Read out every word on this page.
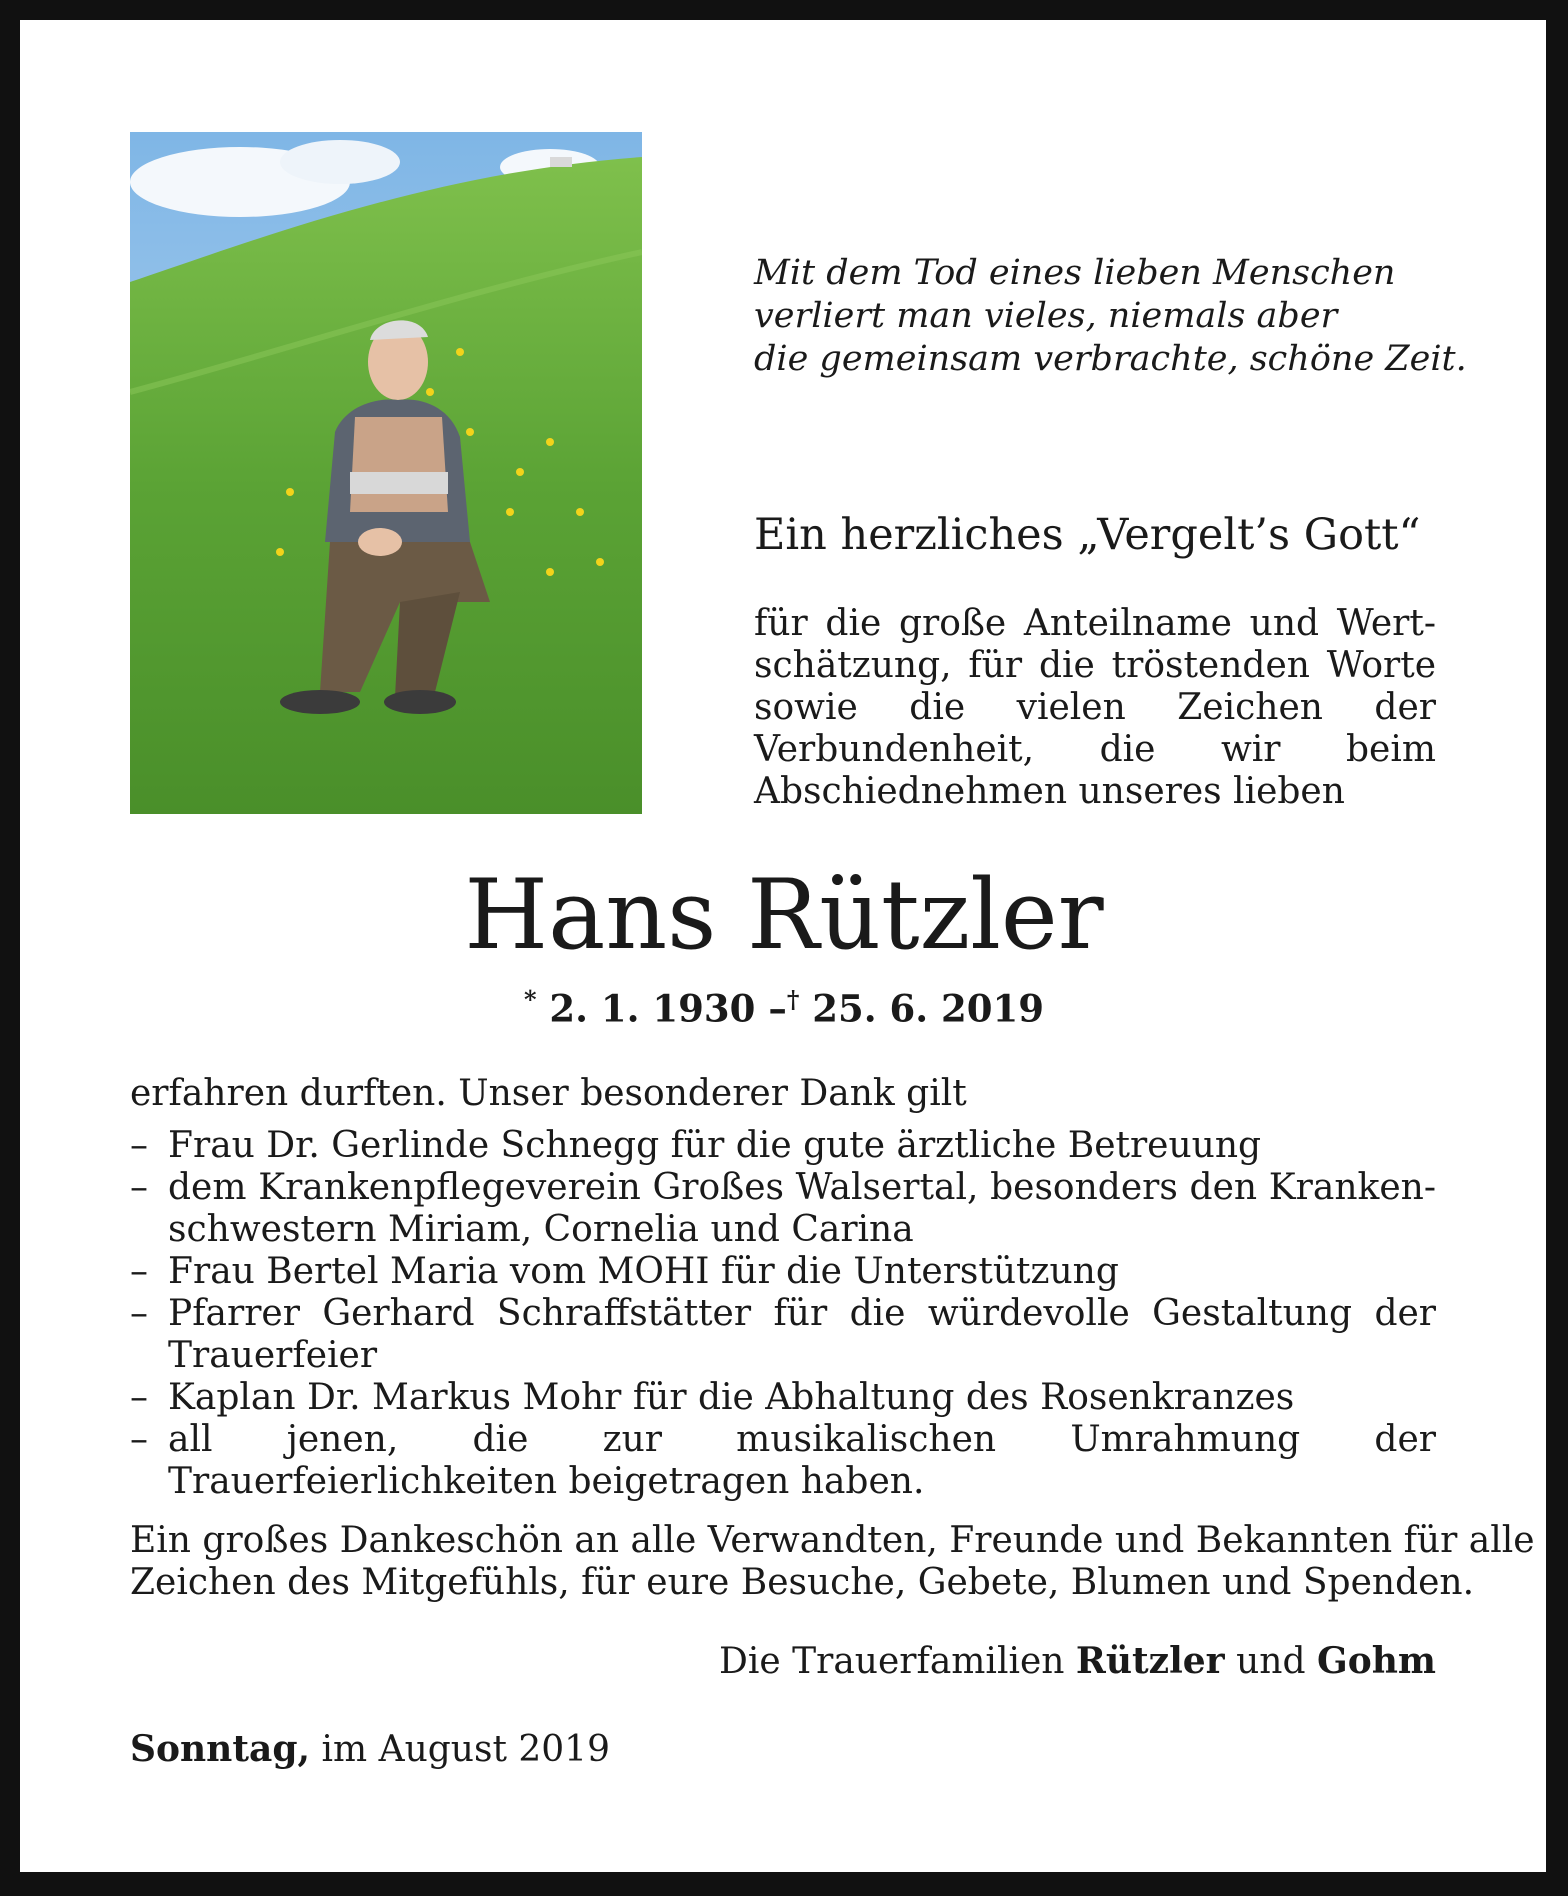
Mit dem Tod eines lieben Menschen
verliert man vieles, niemals aber
die gemeinsam verbrachte, schöne Zeit.
Ein herzliches „Vergelt’s Gott“
für die große Anteilname und Wertschätzung, für die tröstenden Worte sowie die vielen Zeichen der Verbundenheit, die wir beim Abschiednehmen unseres lieben
Hans Rützler
* 2. 1. 1930 –† 25. 6. 2019
erfahren durften. Unser besonderer Dank gilt
– Frau Dr. Gerlinde Schnegg für die gute ärztliche Betreuung
– dem Krankenpflegeverein Großes Walsertal, besonders den Krankenschwestern Miriam, Cornelia und Carina
– Frau Bertel Maria vom MOHI für die Unterstützung
– Pfarrer Gerhard Schraffstätter für die würdevolle Gestaltung der Trauerfeier
– Kaplan Dr. Markus Mohr für die Abhaltung des Rosenkranzes
– all jenen, die zur musikalischen Umrahmung der Trauerfeierlichkeiten beigetragen haben.
Ein großes Dankeschön an alle Verwandten, Freunde und Bekannten für alle
Zeichen des Mitgefühls, für eure Besuche, Gebete, Blumen und Spenden.
Die Trauerfamilien Rützler und Gohm
Sonntag, im August 2019
